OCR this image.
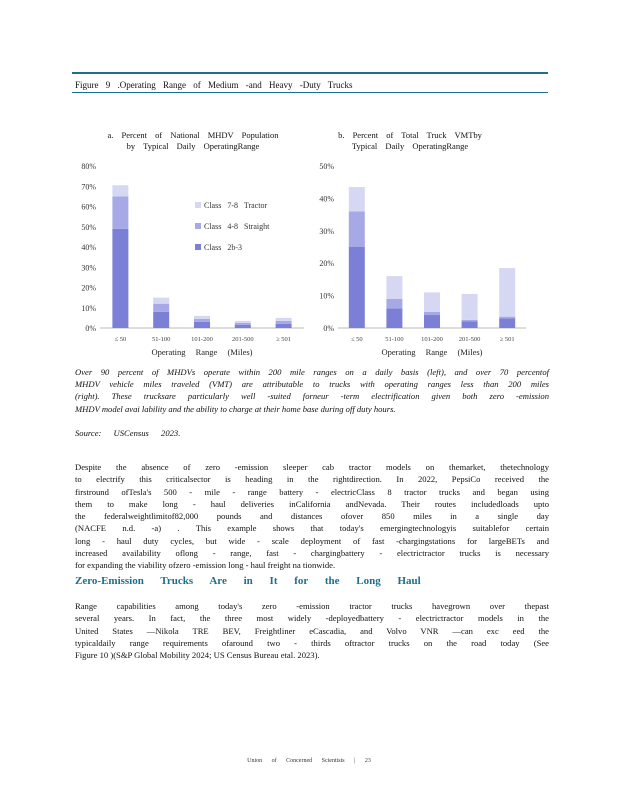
Figure 9 .Operating Range of Medium -and Heavy -Duty Trucks
a. Percent of National MHDV Population
by Typical Daily OperatingRange
b. Percent of Total Truck VMTby
Typical Daily OperatingRange
0%
10%
20%
30%
40%
50%
60%
70%
80%
≤ 50	51-100	101-200	201-500	≥ 501
Operating Range (Miles)
Class 7-8 Tractor
Class 4-8 Straight
Class 2b-3
0%
10%
20%
30%
40%
50%
≤ 50	51-100	101-200 201-500	≥ 501
Operating Range (Miles)

Over 90 percent of MHDVs operate within 200 mile ranges on a daily basis (left), and over 70 percentof

MHDV vehicle miles traveled (VMT) are attributable to trucks with operating ranges less than 200 miles

(right). These trucksare particularly well -suited forneur -term electrification given both zero -emission

MHDV model avai lability and the ability to charge at their home base during off duty hours.

Source: USCensus 2023.
Despite the absence of zero -emission sleeper cab tractor models on themarket, thetechnology
to electrify this criticalsector is heading in the rightdirection. In 2022, PepsiCo received the
firstround ofTesla's 500 - mile - range battery - electricClass 8 tractor trucks and began using
them to make long - haul deliveries inCalifornia andNevada. Their routes includedloads upto
the federalweightlimitof82,000 pounds and distances ofover 850 miles in a single day
(NACFE n.d. -a) . This example shows that today's emergingtechnologyis suitablefor certain
long - haul duty cycles, but wide - scale deployment of fast -chargingstations for largeBETs and
increased availability oflong - range, fast - chargingbattery - electrictractor trucks is necessary
for expanding the viability ofzero -emission long - haul freight na tionwide.
Zero-Emission Trucks Are in It for the Long Haul
Range capabilities among today's zero -emission tractor trucks havegrown over thepast
several years. In fact, the three most widely -deployedbattery - electrictractor models in the
United States —Nikola TRE BEV, Freightliner eCascadia, and Volvo VNR —can exc eed the
typicaldaily range requirements ofaround two - thirds oftractor trucks on the road today (See
Figure 10 )(S&P Global Mobility 2024; US Census Bureau etal. 2023).
Union of Concerned Scientists | 23
